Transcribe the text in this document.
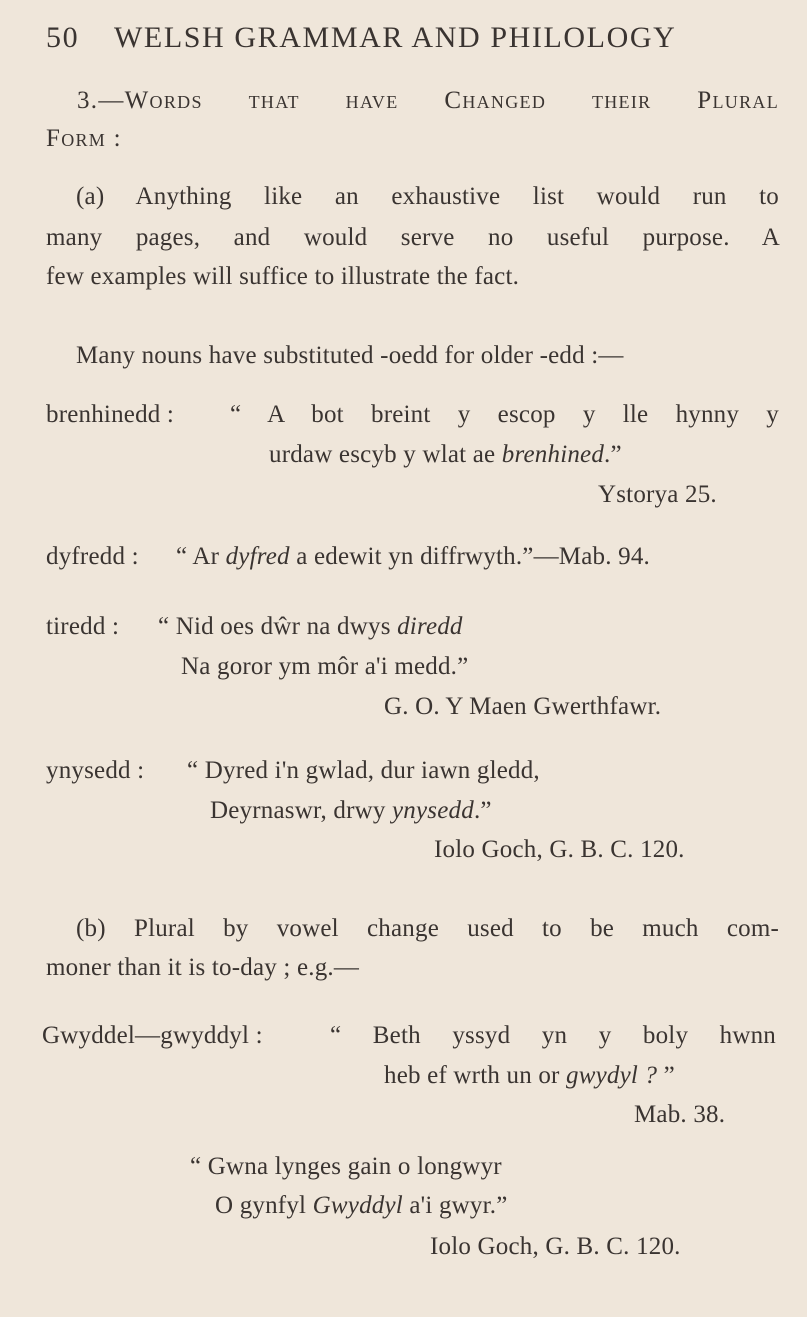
50 WELSH GRAMMAR AND PHILOLOGY
3.—Words that have Changed their Plural
Form :
(a) Anything like an exhaustive list would run to
many pages, and would serve no useful purpose. A
few examples will suffice to illustrate the fact.
Many nouns have substituted -oedd for older -edd :—
brenhinedd : “ A bot breint y escop y lle hynny y
urdaw escyb y wlat ae brenhined.”
Ystorya 25.
dyfredd : “ Ar dyfred a edewit yn diffrwyth.”—Mab. 94.
tiredd : “ Nid oes dŵr na dwys diredd
Na goror ym môr a'i medd.”
G. O. Y Maen Gwerthfawr.
ynysedd : “ Dyred i'n gwlad, dur iawn gledd,
Deyrnaswr, drwy ynysedd.”
Iolo Goch, G. B. C. 120.
(b) Plural by vowel change used to be much com-
moner than it is to-day ; e.g.—
Gwyddel—gwyddyl :	“ Beth yssyd yn y boly hwnn
heb ef wrth un or gwydyl ? ”
Mab. 38.
“ Gwna lynges gain o longwyr
O gynfyl Gwyddyl a'i gwyr.”
Iolo Goch, G. B. C. 120.
